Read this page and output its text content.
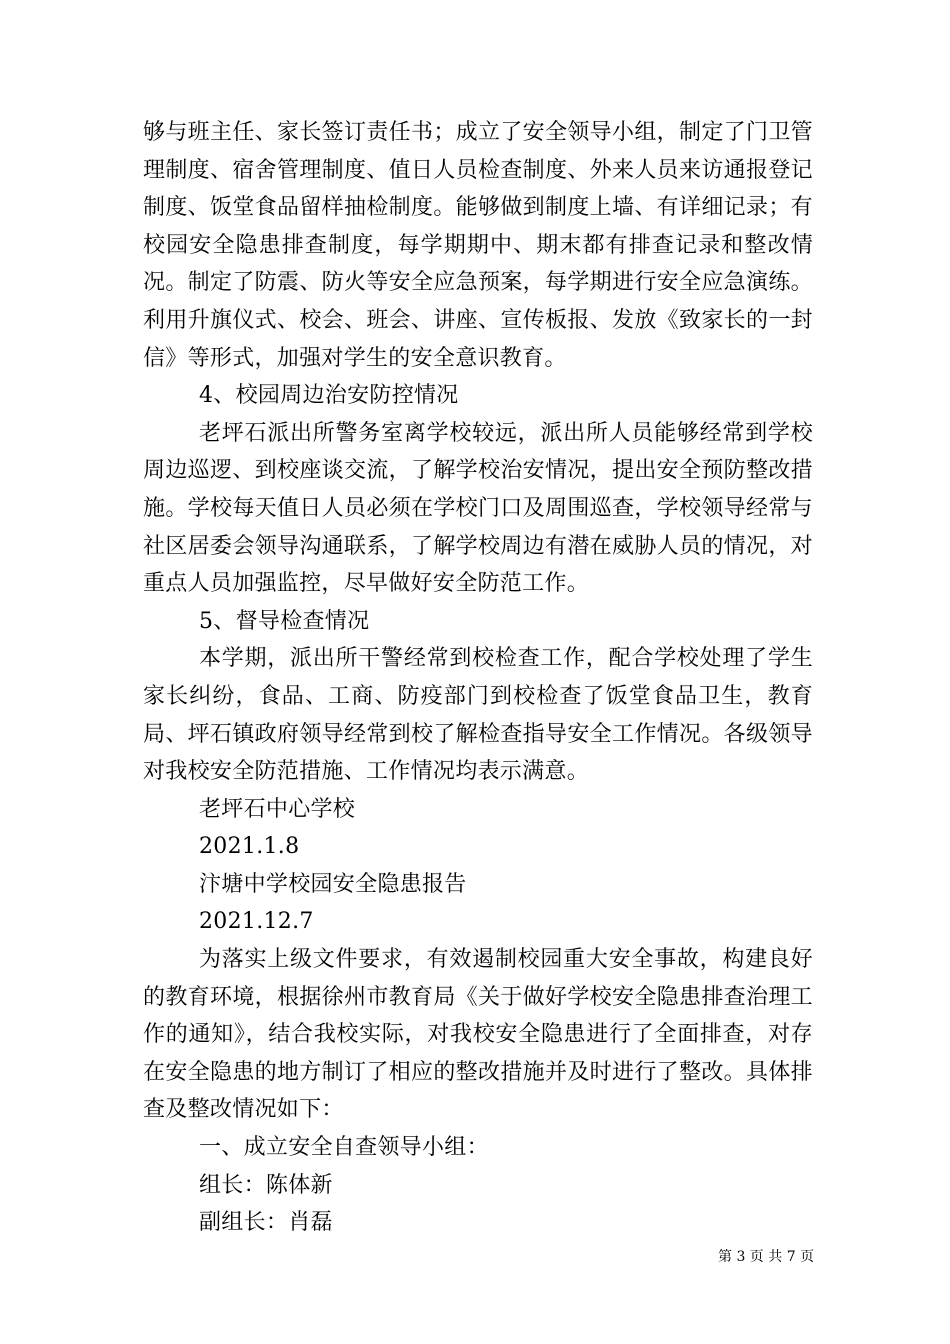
够与班主任、家长签订责任书；成立了安全领导小组，制定了门卫管理制度、宿舍管理制度、值日人员检查制度、外来人员来访通报登记制度、饭堂食品留样抽检制度。能够做到制度上墙、有详细记录；有校园安全隐患排查制度，每学期期中、期末都有排查记录和整改情况。制定了防震、防火等安全应急预案，每学期进行安全应急演练。利用升旗仪式、校会、班会、讲座、宣传板报、发放《致家长的一封信》等形式，加强对学生的安全意识教育。

4、校园周边治安防控情况

老坪石派出所警务室离学校较远，派出所人员能够经常到学校周边巡逻、到校座谈交流，了解学校治安情况，提出安全预防整改措施。学校每天值日人员必须在学校门口及周围巡查，学校领导经常与社区居委会领导沟通联系，了解学校周边有潜在威胁人员的情况，对重点人员加强监控，尽早做好安全防范工作。

5、督导检查情况

本学期，派出所干警经常到校检查工作，配合学校处理了学生家长纠纷，食品、工商、防疫部门到校检查了饭堂食品卫生，教育局、坪石镇政府领导经常到校了解检查指导安全工作情况。各级领导对我校安全防范措施、工作情况均表示满意。

老坪石中心学校

2021.1.8

汴塘中学校园安全隐患报告

2021.12.7

为落实上级文件要求，有效遏制校园重大安全事故，构建良好的教育环境，根据徐州市教育局《关于做好学校安全隐患排查治理工作的通知》，结合我校实际，对我校安全隐患进行了全面排查，对存在安全隐患的地方制订了相应的整改措施并及时进行了整改。具体排查及整改情况如下：

一、成立安全自查领导小组：

组长：陈体新

副组长：肖磊

第 3 页 共 7 页
